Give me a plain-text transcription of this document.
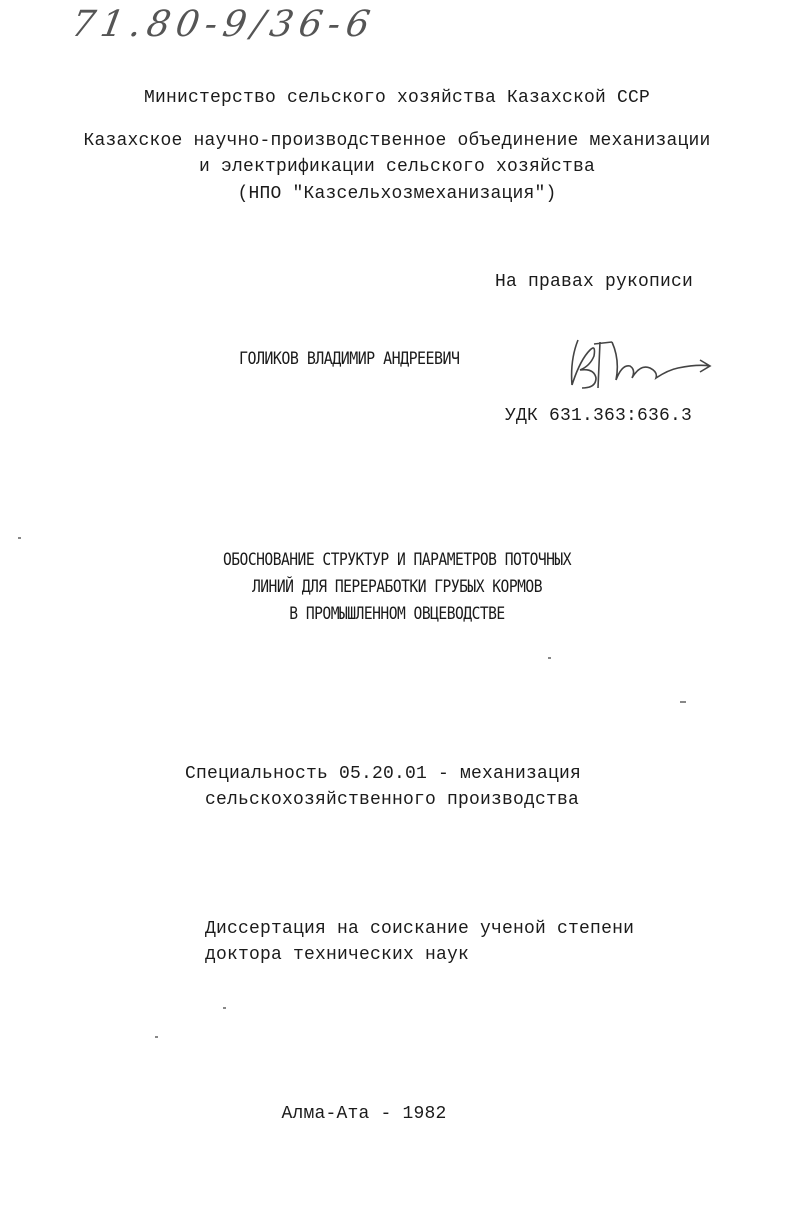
71.80-9/36-6
Министерство сельского хозяйства Казахской ССР
Казахское научно-производственное объединение механизации
и электрификации сельского хозяйства
(НПО "Казсельхозмеханизация")
На правах рукописи
ГОЛИКОВ ВЛАДИМИР АНДРЕЕВИЧ
УДК 631.363:636.3
ОБОСНОВАНИЕ СТРУКТУР И ПАРАМЕТРОВ ПОТОЧНЫХ
ЛИНИЙ ДЛЯ ПЕРЕРАБОТКИ ГРУБЫХ КОРМОВ
В ПРОМЫШЛЕННОМ ОВЦЕВОДСТВЕ
Специальность 05.20.01 - механизация
сельскохозяйственного производства
Диссертация на соискание ученой степени
доктора технических наук
Алма-Ата - 1982
